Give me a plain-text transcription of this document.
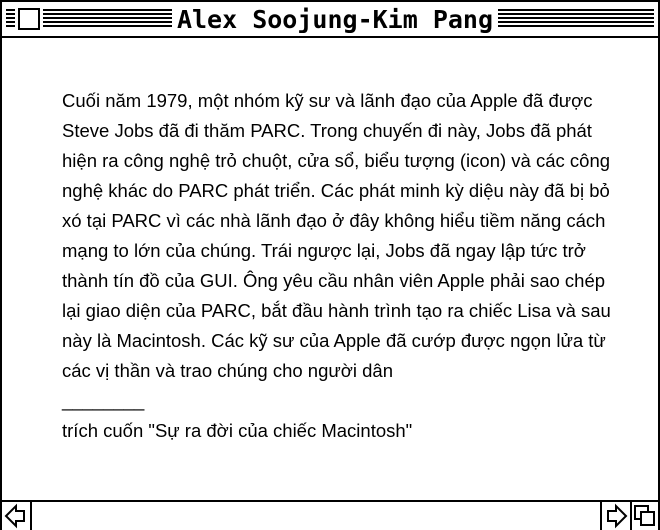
Alex Soojung-Kim Pang

Cuối năm 1979, một nhóm kỹ sư và lãnh đạo của Apple đã được Steve Jobs đã đi thăm PARC. Trong chuyến đi này, Jobs đã phát hiện ra công nghệ trỏ chuột, cửa sổ, biểu tượng (icon) và các công nghệ khác do PARC phát triển. Các phát minh kỳ diệu này đã bị bỏ xó tại PARC vì các nhà lãnh đạo ở đây không hiểu tiềm năng cách mạng to lớn của chúng. Trái ngược lại, Jobs đã ngay lập tức trở thành tín đồ của GUI. Ông yêu cầu nhân viên Apple phải sao chép lại giao diện của PARC, bắt đầu hành trình tạo ra chiếc Lisa và sau này là Macintosh. Các kỹ sư của Apple đã cướp được ngọn lửa từ các vị thần và trao chúng cho người dân

________

trích cuốn "Sự ra đời của chiếc Macintosh"
